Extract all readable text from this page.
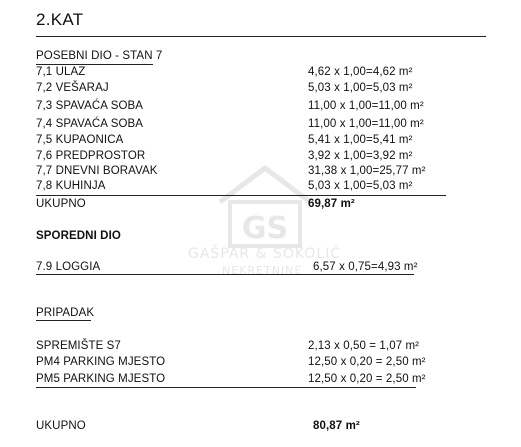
GS
GAŠPAR & SOKOLIĆ
NEKRETNINE
2.KAT
POSEBNI DIO - STAN 7
7,1 ULAZ	4,62 x 1,00=4,62 m²
7,2 VEŠARAJ	5,03 x 1,00=5,03 m²
7,3 SPAVAĆA SOBA	11,00 x 1,00=11,00 m²
7,4 SPAVAĆA SOBA	11,00 x 1,00=11,00 m²
7,5 KUPAONICA	5,41 x 1,00=5,41 m²
7,6 PREDPROSTOR	3,92 x 1,00=3,92 m²
7,7 DNEVNI BORAVAK	31,38 x 1,00=25,77 m²
7,8 KUHINJA	5,03 x 1,00=5,03 m²
UKUPNO	69,87 m²
SPOREDNI DIO
7.9 LOGGIA	6,57 x 0,75=4,93 m²
PRIPADAK
SPREMIŠTE S7	2,13 x 0,50 = 1,07 m²
PM4 PARKING MJESTO	12,50 x 0,20 = 2,50 m²
PM5 PARKING MJESTO	12,50 x 0,20 = 2,50 m²
UKUPNO	80,87 m²
